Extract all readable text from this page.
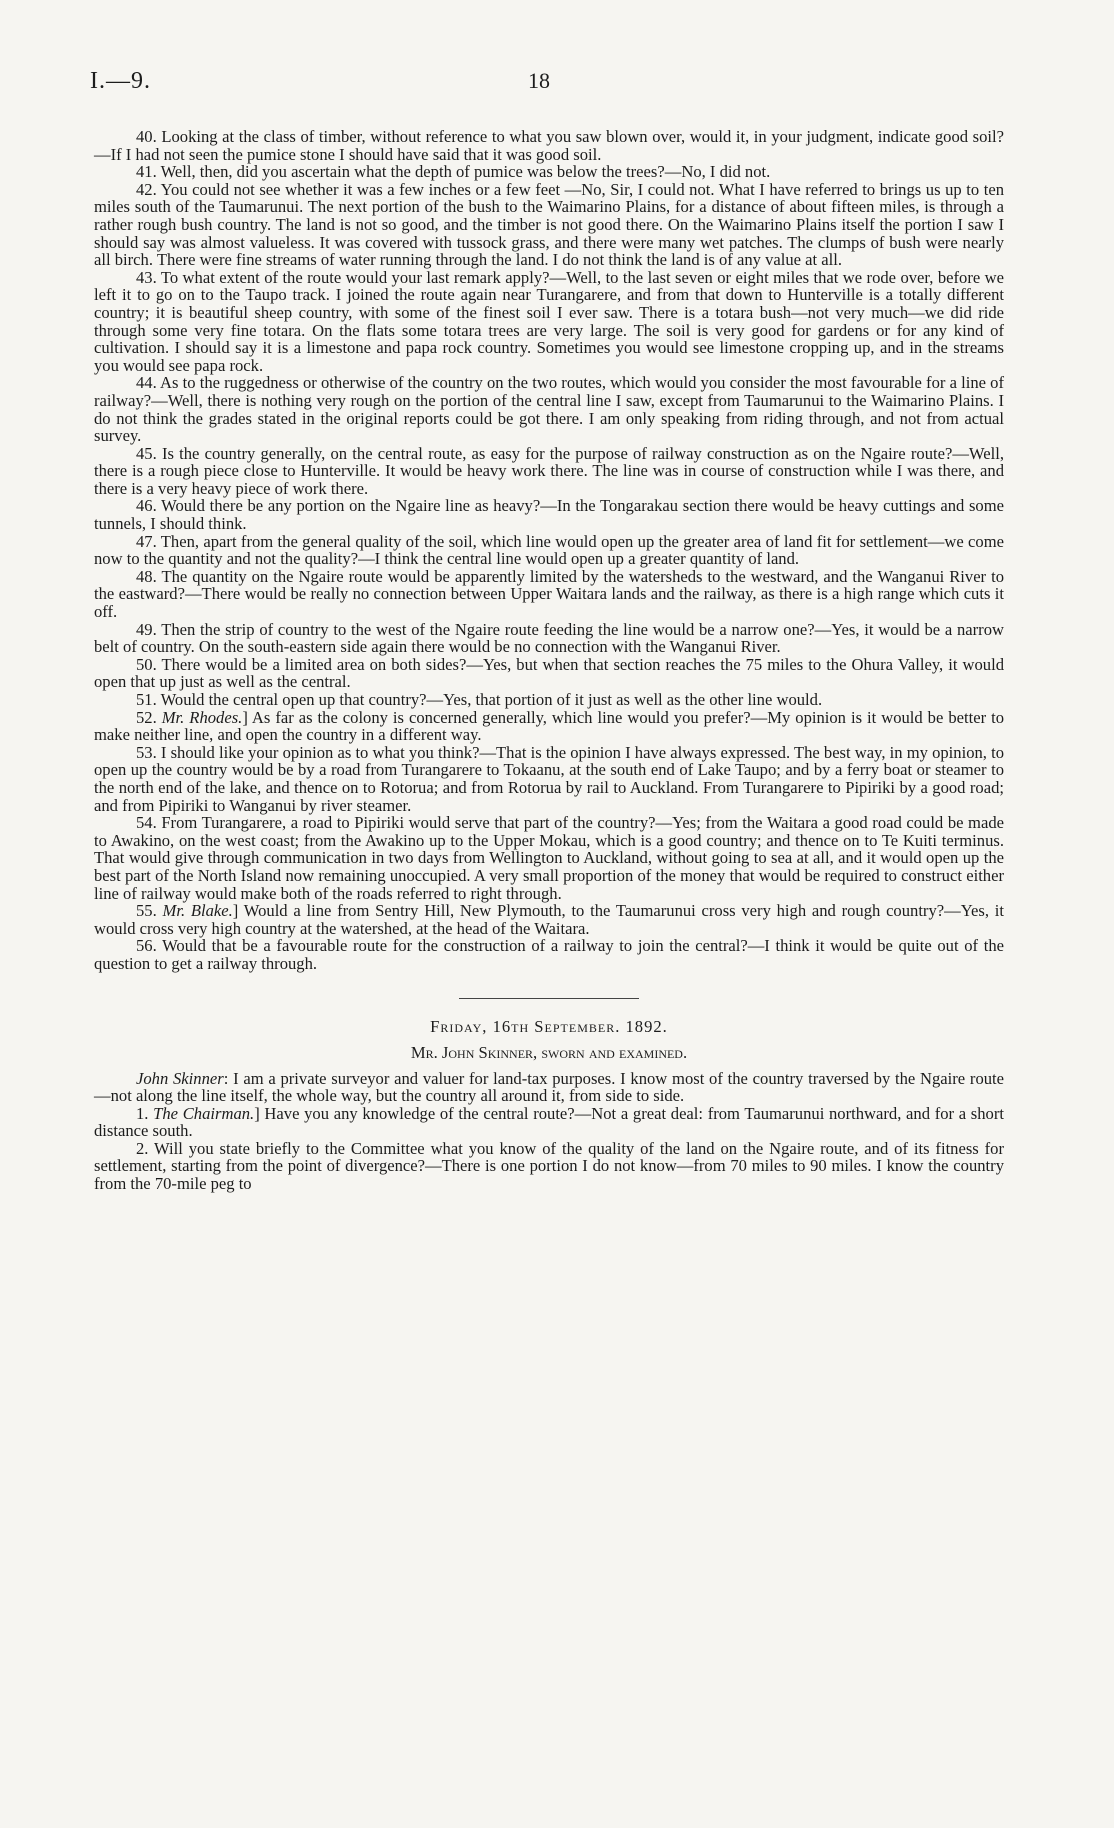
I.—9.	18

40. Looking at the class of timber, without reference to what you saw blown over, would it, in your judgment, indicate good soil?—If I had not seen the pumice stone I should have said that it was good soil.

41. Well, then, did you ascertain what the depth of pumice was below the trees?—No, I did not.

42. You could not see whether it was a few inches or a few feet —No, Sir, I could not. What I have referred to brings us up to ten miles south of the Taumarunui. The next portion of the bush to the Waimarino Plains, for a distance of about fifteen miles, is through a rather rough bush country. The land is not so good, and the timber is not good there. On the Waimarino Plains itself the portion I saw I should say was almost valueless. It was covered with tussock grass, and there were many wet patches. The clumps of bush were nearly all birch. There were fine streams of water running through the land. I do not think the land is of any value at all.

43. To what extent of the route would your last remark apply?—Well, to the last seven or eight miles that we rode over, before we left it to go on to the Taupo track. I joined the route again near Turangarere, and from that down to Hunterville is a totally different country; it is beautiful sheep country, with some of the finest soil I ever saw. There is a totara bush—not very much—we did ride through some very fine totara. On the flats some totara trees are very large. The soil is very good for gardens or for any kind of cultivation. I should say it is a limestone and papa rock country. Sometimes you would see limestone cropping up, and in the streams you would see papa rock.

44. As to the ruggedness or otherwise of the country on the two routes, which would you consider the most favourable for a line of railway?—Well, there is nothing very rough on the portion of the central line I saw, except from Taumarunui to the Waimarino Plains. I do not think the grades stated in the original reports could be got there. I am only speaking from riding through, and not from actual survey.

45. Is the country generally, on the central route, as easy for the purpose of railway construction as on the Ngaire route?—Well, there is a rough piece close to Hunterville. It would be heavy work there. The line was in course of construction while I was there, and there is a very heavy piece of work there.

46. Would there be any portion on the Ngaire line as heavy?—In the Tongarakau section there would be heavy cuttings and some tunnels, I should think.

47. Then, apart from the general quality of the soil, which line would open up the greater area of land fit for settlement—we come now to the quantity and not the quality?—I think the central line would open up a greater quantity of land.

48. The quantity on the Ngaire route would be apparently limited by the watersheds to the westward, and the Wanganui River to the eastward?—There would be really no connection between Upper Waitara lands and the railway, as there is a high range which cuts it off.

49. Then the strip of country to the west of the Ngaire route feeding the line would be a narrow one?—Yes, it would be a narrow belt of country. On the south-eastern side again there would be no connection with the Wanganui River.

50. There would be a limited area on both sides?—Yes, but when that section reaches the 75 miles to the Ohura Valley, it would open that up just as well as the central.

51. Would the central open up that country?—Yes, that portion of it just as well as the other line would.

52. Mr. Rhodes.] As far as the colony is concerned generally, which line would you prefer?—My opinion is it would be better to make neither line, and open the country in a different way.

53. I should like your opinion as to what you think?—That is the opinion I have always expressed. The best way, in my opinion, to open up the country would be by a road from Turangarere to Tokaanu, at the south end of Lake Taupo; and by a ferry boat or steamer to the north end of the lake, and thence on to Rotorua; and from Rotorua by rail to Auckland. From Turangarere to Pipiriki by a good road; and from Pipiriki to Wanganui by river steamer.

54. From Turangarere, a road to Pipiriki would serve that part of the country?—Yes; from the Waitara a good road could be made to Awakino, on the west coast; from the Awakino up to the Upper Mokau, which is a good country; and thence on to Te Kuiti terminus. That would give through communication in two days from Wellington to Auckland, without going to sea at all, and it would open up the best part of the North Island now remaining unoccupied. A very small proportion of the money that would be required to construct either line of railway would make both of the roads referred to right through.

55. Mr. Blake.] Would a line from Sentry Hill, New Plymouth, to the Taumarunui cross very high and rough country?—Yes, it would cross very high country at the watershed, at the head of the Waitara.

56. Would that be a favourable route for the construction of a railway to join the central?—I think it would be quite out of the question to get a railway through.

Friday, 16th September. 1892.

Mr. John Skinner, sworn and examined.

John Skinner: I am a private surveyor and valuer for land-tax purposes. I know most of the country traversed by the Ngaire route—not along the line itself, the whole way, but the country all around it, from side to side.

1. The Chairman.] Have you any knowledge of the central route?—Not a great deal: from Taumarunui northward, and for a short distance south.

2. Will you state briefly to the Committee what you know of the quality of the land on the Ngaire route, and of its fitness for settlement, starting from the point of divergence?—There is one portion I do not know—from 70 miles to 90 miles. I know the country from the 70-mile peg to
